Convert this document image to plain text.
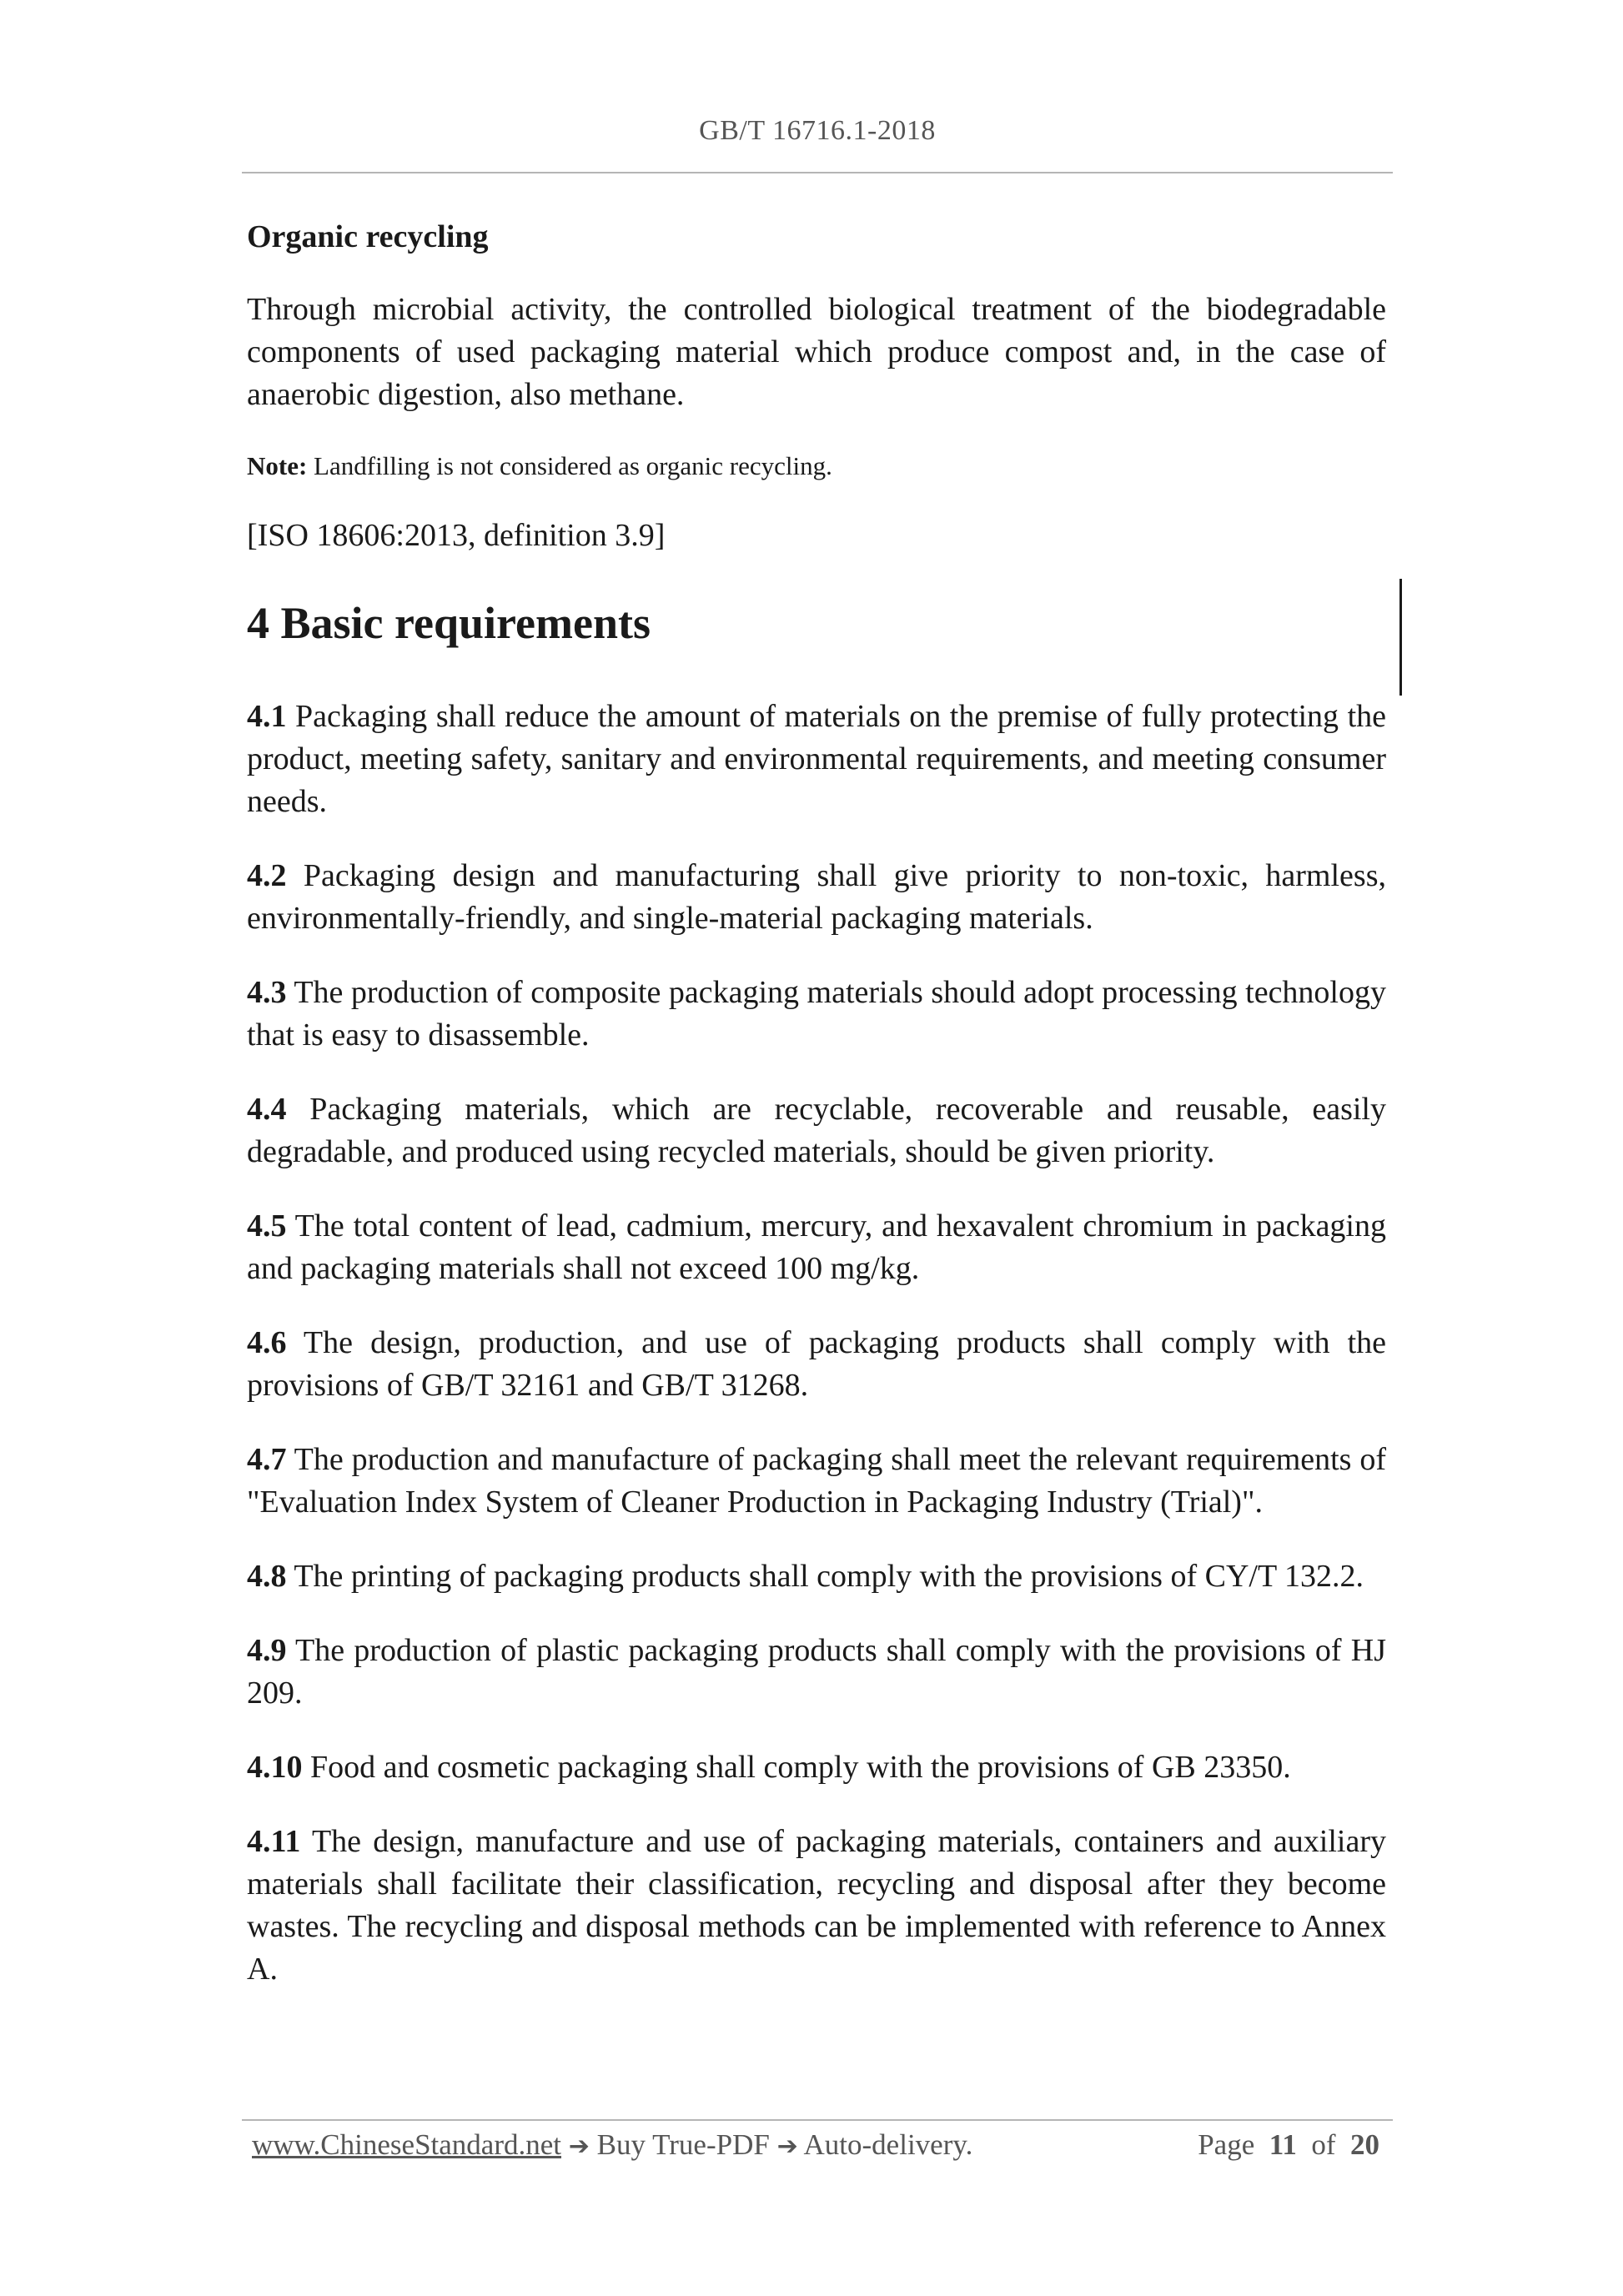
GB/T 16716.1-2018
Organic recycling

Through microbial activity, the controlled biological treatment of the biodegradable components of used packaging material which produce compost and, in the case of anaerobic digestion, also methane.

Note: Landfilling is not considered as organic recycling.

[ISO 18606:2013, definition 3.9]

4 Basic requirements

4.1 Packaging shall reduce the amount of materials on the premise of fully protecting the product, meeting safety, sanitary and environmental requirements, and meeting consumer needs.

4.2 Packaging design and manufacturing shall give priority to non-toxic, harmless, environmentally-friendly, and single-material packaging materials.

4.3 The production of composite packaging materials should adopt processing technology that is easy to disassemble.

4.4 Packaging materials, which are recyclable, recoverable and reusable, easily degradable, and produced using recycled materials, should be given priority.

4.5 The total content of lead, cadmium, mercury, and hexavalent chromium in packaging and packaging materials shall not exceed 100 mg/kg.

4.6 The design, production, and use of packaging products shall comply with the provisions of GB/T 32161 and GB/T 31268.

4.7 The production and manufacture of packaging shall meet the relevant requirements of "Evaluation Index System of Cleaner Production in Packaging Industry (Trial)".

4.8 The printing of packaging products shall comply with the provisions of CY/T 132.2.

4.9 The production of plastic packaging products shall comply with the provisions of HJ 209.

4.10 Food and cosmetic packaging shall comply with the provisions of GB 23350.

4.11 The design, manufacture and use of packaging materials, containers and auxiliary materials shall facilitate their classification, recycling and disposal after they become wastes. The recycling and disposal methods can be implemented with reference to Annex A.

www.ChineseStandard.net ➔ Buy True-PDF ➔ Auto-delivery.	Page 11 of 20
